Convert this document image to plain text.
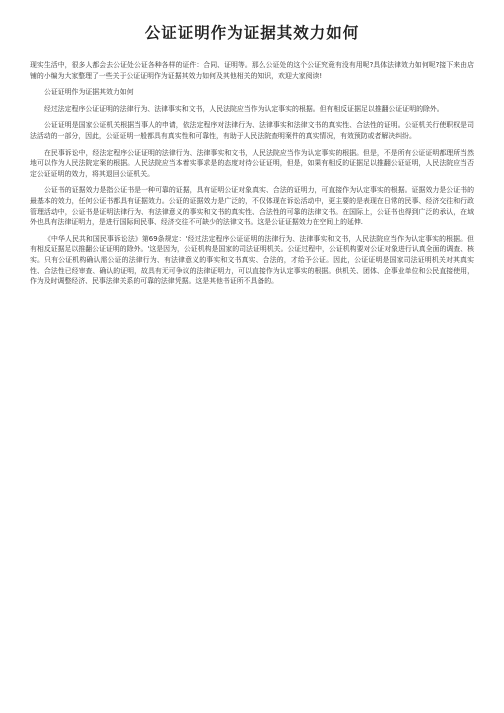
公证证明作为证据其效力如何

现实生活中，很多人都会去公证处公证各种各样的证件：合同、证明等。那么公证处的这个公证究竟有没有用呢?具体法律效力如何呢?接下来由店铺的小编为大家整理了一些关于公证证明作为证据其效力如何及其他相关的知识，欢迎大家阅读!

公证证明作为证据其效力如何

经过法定程序公证证明的法律行为、法律事实和文书，人民法院应当作为认定事实的根据。但有相反证据足以推翻公证证明的除外。

公证证明是国家公证机关根据当事人的申请，依法定程序对法律行为、法律事实和法律文书的真实性、合法性的证明。公证机关行使职权是司法活动的一部分，因此，公证证明一般都具有真实性和可靠性，有助于人民法院查明案件的真实情况，有效预防或者解决纠纷。

在民事诉讼中，经法定程序公证证明的法律行为、法律事实和文书，人民法院应当作为认定事实的根据。但是，不是所有公证证明都理所当然地可以作为人民法院定案的根据。人民法院应当本着实事求是的态度对待公证证明，但是，如果有相反的证据足以推翻公证证明，人民法院应当否定公证证明的效力，将其退回公证机关。

公证书的证据效力是指公证书是一种可靠的证据，具有证明公证对象真实、合法的证明力，可直接作为认定事实的根据。证据效力是公证书的最基本的效力，任何公证书都具有证据效力。公证的证据效力是广泛的，不仅体现在诉讼活动中，更主要的是表现在日常的民事、经济交往和行政管理活动中，公证书是证明法律行为、有法律意义的事实和文书的真实性、合法性的可靠的法律文书。在国际上，公证书也得到广泛的承认，在域外也具有法律证明力，是进行国际间民事、经济交往不可缺少的法律文书。这是公证证据效力在空间上的延伸.

《中华人民共和国民事诉讼法》第69条规定：'经过法定程序公证证明的法律行为、法律事实和文书，人民法院应当作为认定事实的根据。但有相反证据足以推翻公证证明的除外。'这是因为，公证机构是国家的司法证明机关。公证过程中，公证机构要对公证对象进行认真全面的调查、核实。只有公证机构确认需公证的法律行为、有法律意义的事实和文书真实、合法的，才给予公证。因此，公证证明是国家司法证明机关对其真实性、合法性已经审查、确认的证明，故具有无可争议的法律证明力，可以直接作为认定事实的根据。供机关、团体、企事业单位和公民直接使用，作为及时调整经济、民事法律关系的可靠的法律凭据。这是其他书证所不具备的。
